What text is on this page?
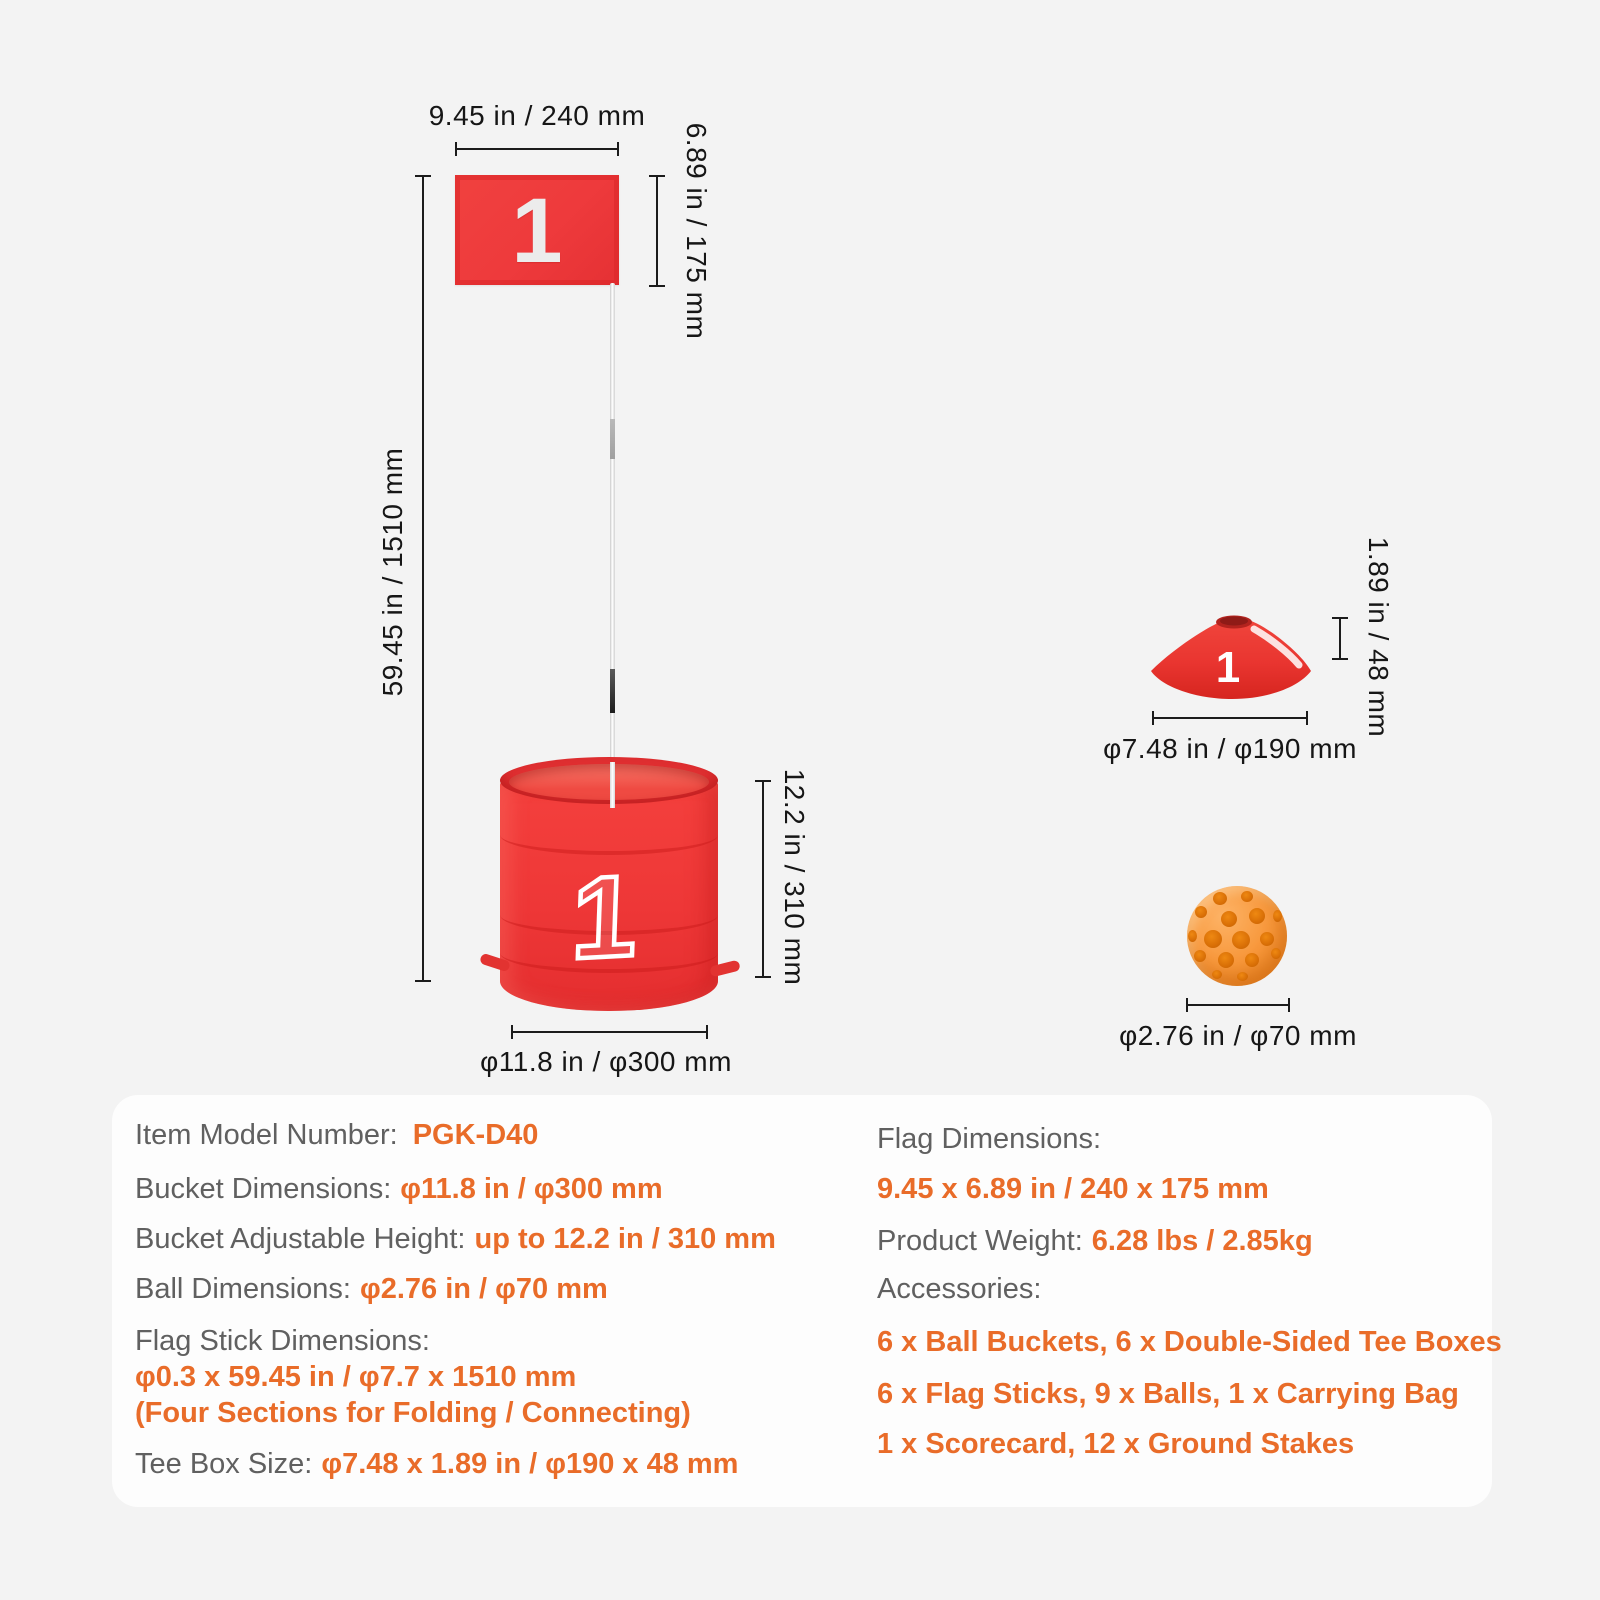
9.45 in / 240 mm
6.89 in / 175 mm
59.45 in / 1510 mm
1
1	12.2 in / 310 mm
φ11.8 in / φ300 mm
1	1.89 in / 48 mm
φ7.48 in / φ190 mm
φ2.76 in / φ70 mm
Item Model Number: PGK-D40
Bucket Dimensions: φ11.8 in / φ300 mm
Bucket Adjustable Height: up to 12.2 in / 310 mm
Ball Dimensions: φ2.76 in / φ70 mm
Flag Stick Dimensions:
φ0.3 x 59.45 in / φ7.7 x 1510 mm
(Four Sections for Folding / Connecting)
Tee Box Size: φ7.48 x 1.89 in / φ190 x 48 mm
Flag Dimensions:
9.45 x 6.89 in / 240 x 175 mm
Product Weight: 6.28 lbs / 2.85kg
Accessories:
6 x Ball Buckets, 6 x Double-Sided Tee Boxes
6 x Flag Sticks, 9 x Balls, 1 x Carrying Bag
1 x Scorecard, 12 x Ground Stakes
